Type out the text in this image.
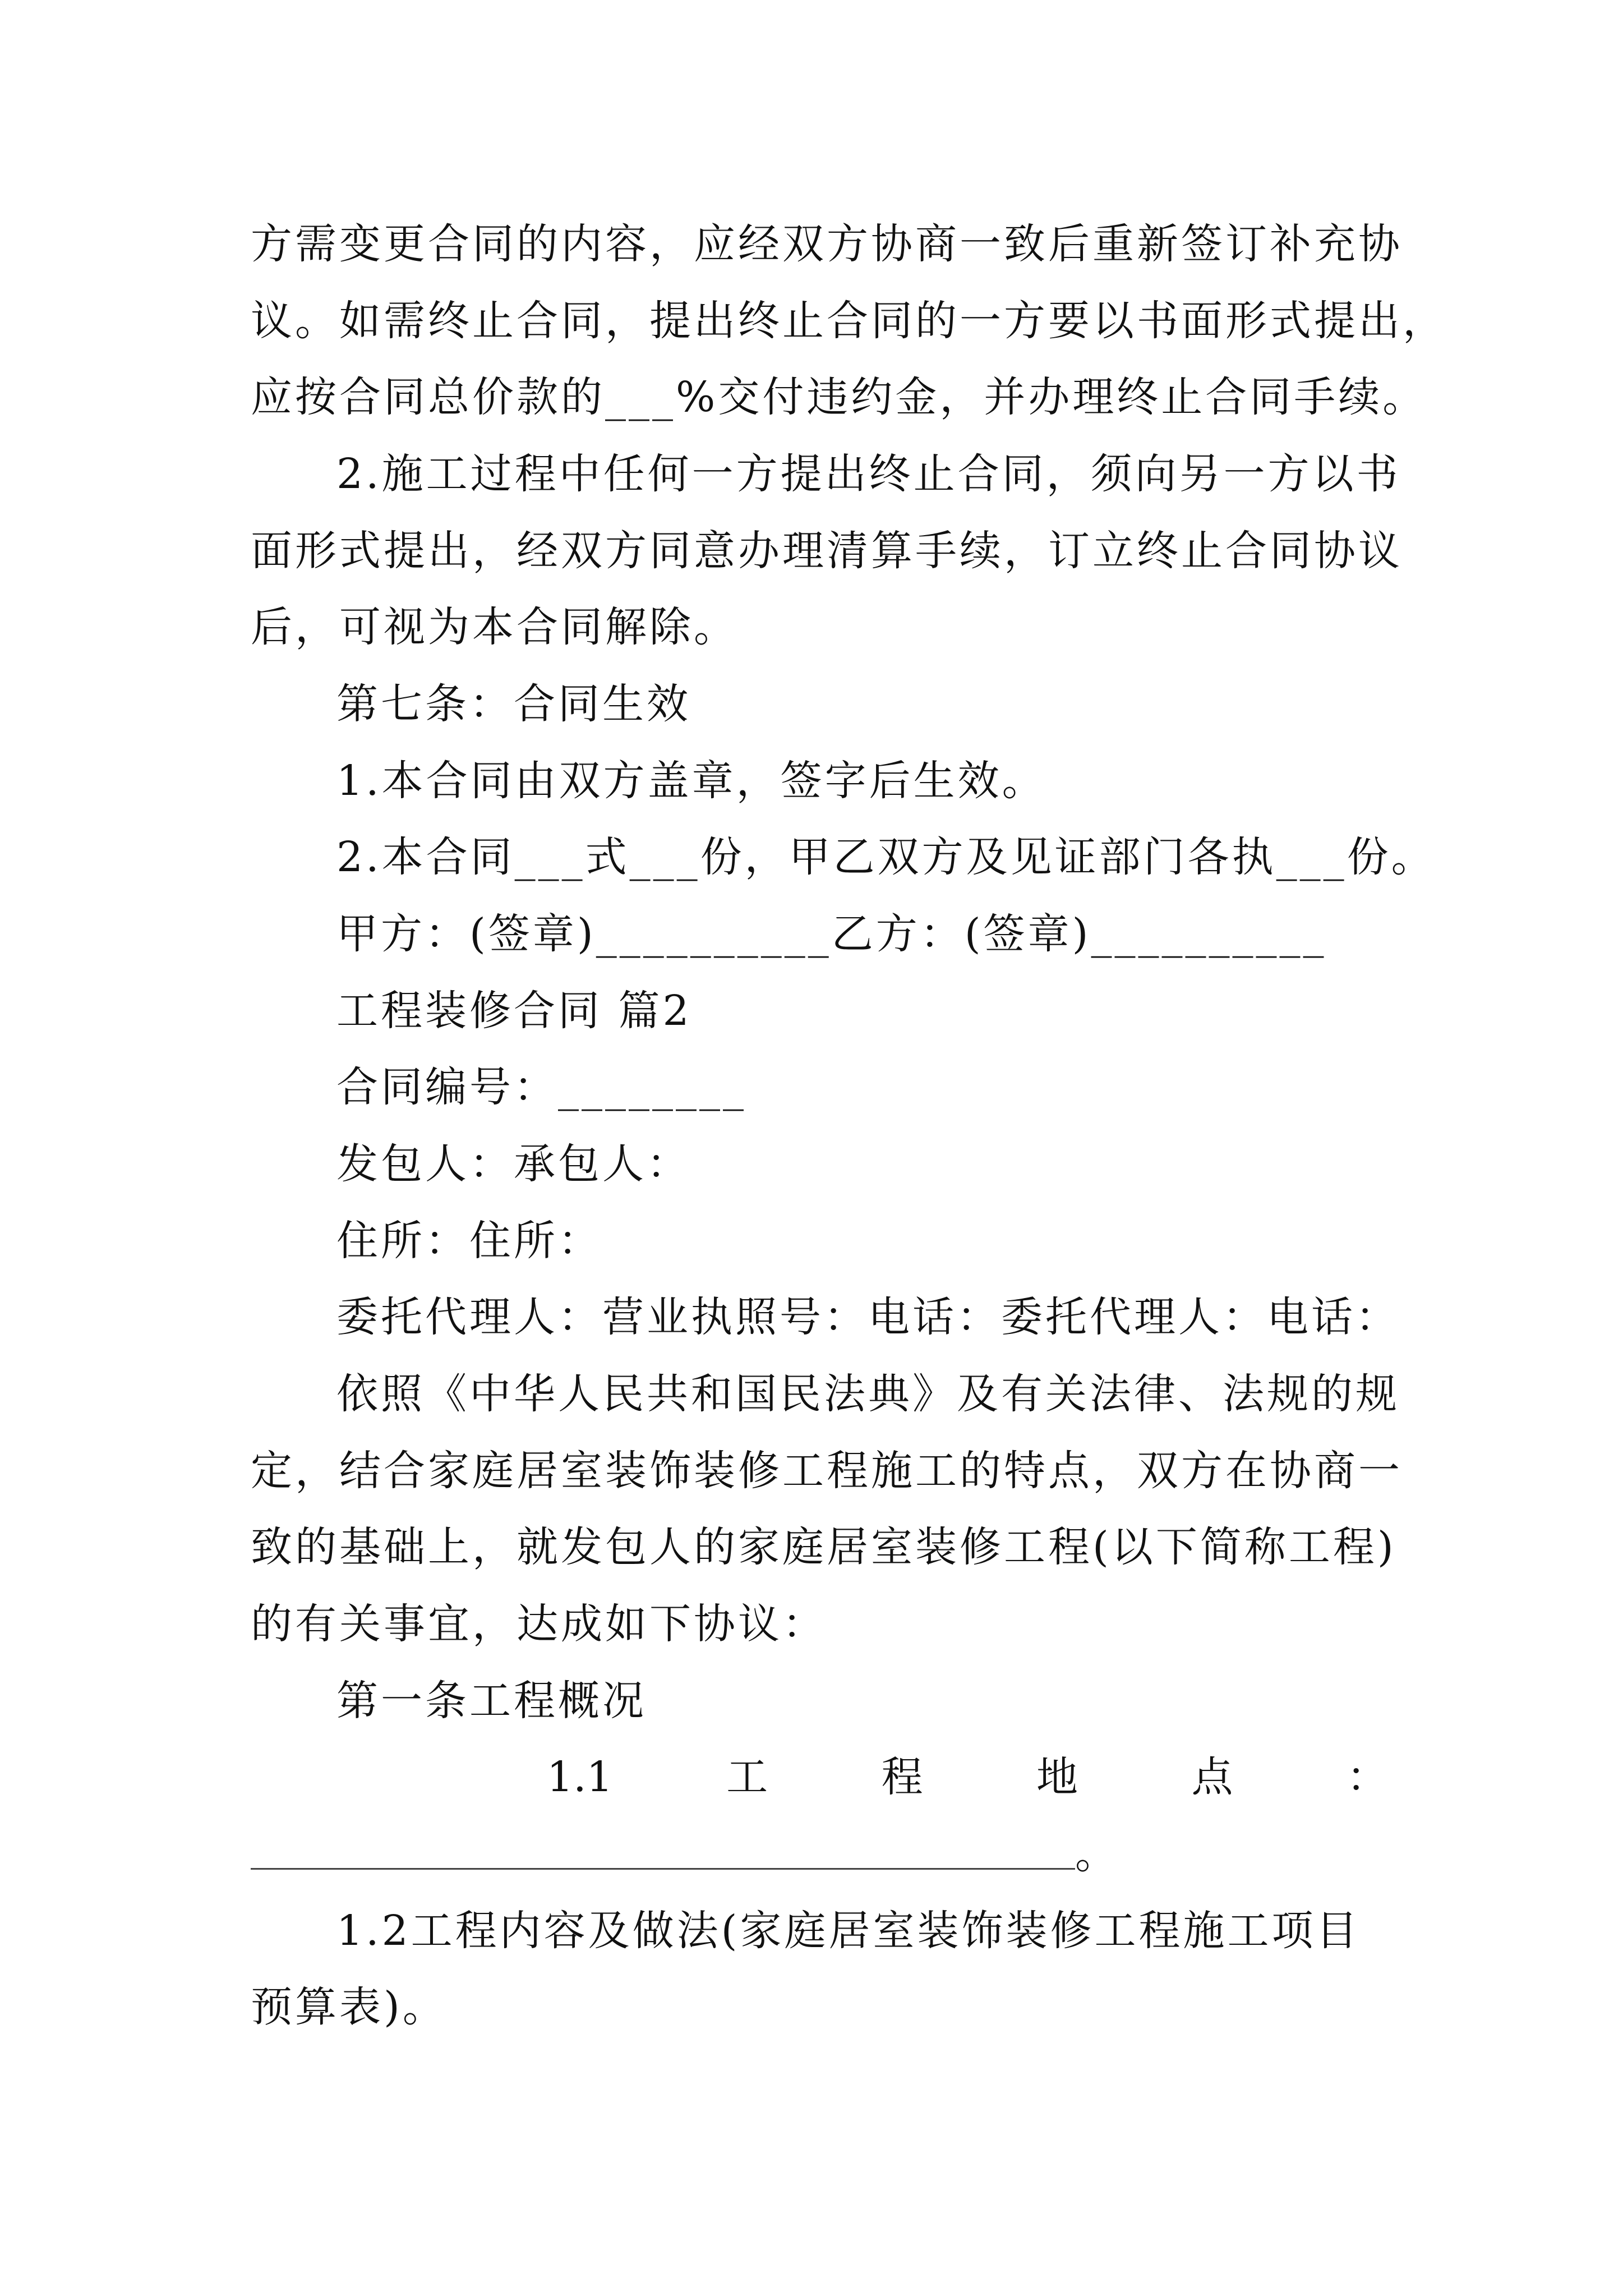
方需变更合同的内容，应经双方协商一致后重新签订补充协
议。如需终止合同，提出终止合同的一方要以书面形式提出，
应按合同总价款的___%交付违约金，并办理终止合同手续。
2.施工过程中任何一方提出终止合同，须向另一方以书
面形式提出，经双方同意办理清算手续，订立终止合同协议
后，可视为本合同解除。
第七条：合同生效
1.本合同由双方盖章，签字后生效。
2.本合同___式___份，甲乙双方及见证部门各执___份。
甲方：(签章)__________乙方：(签章)__________
工程装修合同 篇2
合同编号：________
发包人：承包人：
住所：住所：
委托代理人：营业执照号：电话：委托代理人：电话：
依照《中华人民共和国民法典》及有关法律、法规的规
定，结合家庭居室装饰装修工程施工的特点，双方在协商一
致的基础上，就发包人的家庭居室装修工程(以下简称工程)
的有关事宜，达成如下协议：
第一条工程概况
1.1	工	程	地	点	：
。
1.2工程内容及做法(家庭居室装饰装修工程施工项目
预算表)。
